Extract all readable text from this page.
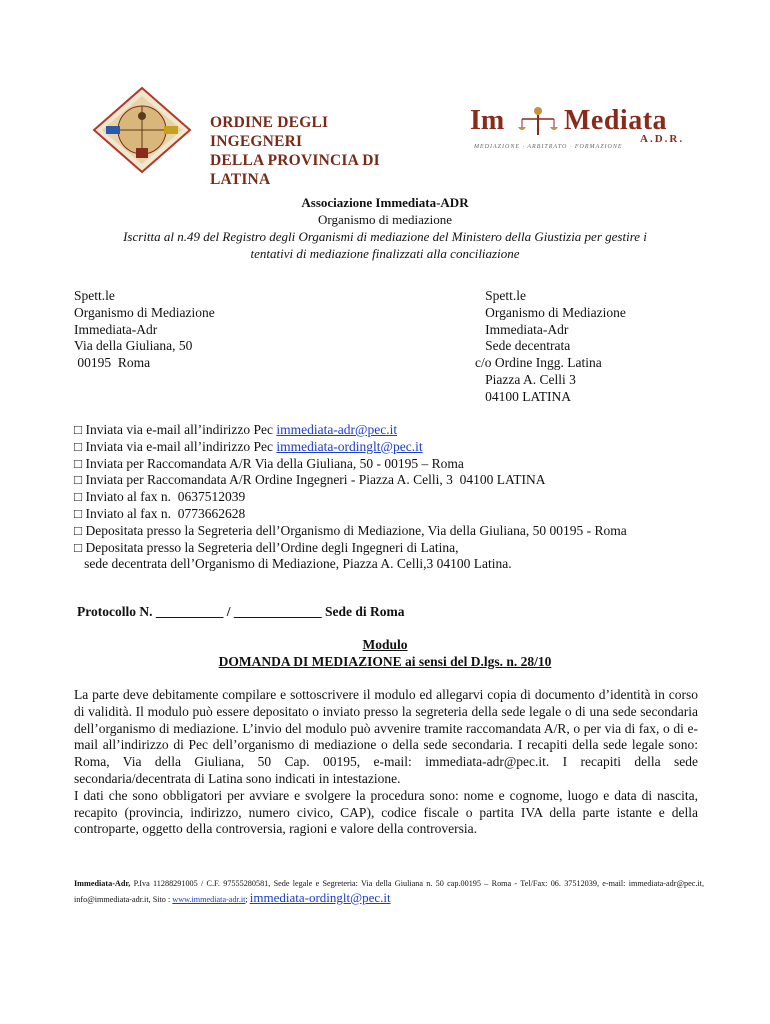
ORDINE DEGLI INGEGNERI
DELLA PROVINCIA DI LATINA
Im Mediata
A.D.R.
MEDIAZIONE · ARBITRATO · FORMAZIONE
Associazione Immediata-ADR
Organismo di mediazione
Iscritta al n.49 del Registro degli Organismi di mediazione del Ministero della Giustizia per gestire i
tentativi di mediazione finalizzati alla conciliazione
Spett.le
Organismo di Mediazione
Immediata-Adr
Via della Giuliana, 50
00195  Roma
Spett.le
Organismo di Mediazione
Immediata-Adr
Sede decentrata
c/o Ordine Ingg. Latina
Piazza A. Celli 3
04100 LATINA
□ Inviata via e-mail all’indirizzo Pec immediata-adr@pec.it
□ Inviata via e-mail all’indirizzo Pec immediata-ordinglt@pec.it
□ Inviata per Raccomandata A/R Via della Giuliana, 50 - 00195 – Roma
□ Inviata per Raccomandata A/R Ordine Ingegneri - Piazza A. Celli, 3  04100 LATINA
□ Inviato al fax n.  0637512039
□ Inviato al fax n.  0773662628
□ Depositata presso la Segreteria dell’Organismo di Mediazione, Via della Giuliana, 50 00195 - Roma
□ Depositata presso la Segreteria dell’Ordine degli Ingegneri di Latina,
sede decentrata dell’Organismo di Mediazione, Piazza A. Celli,3 04100 Latina.
Protocollo N. __________ / _____________ Sede di Roma
Modulo
DOMANDA DI MEDIAZIONE ai sensi del D.lgs. n. 28/10

La parte deve debitamente compilare e sottoscrivere il modulo ed allegarvi copia di documento d’identità in corso di validità. Il modulo può essere depositato o inviato presso la segreteria della sede legale o di una sede secondaria dell’organismo di mediazione. L’invio del modulo può avvenire tramite raccomandata A/R, o per via di fax, o di e-mail all’indirizzo di Pec dell’organismo di mediazione o della sede secondaria. I recapiti della sede legale sono: Roma, Via della Giuliana, 50 Cap. 00195, e-mail: immediata-adr@pec.it. I recapiti della sede secondaria/decentrata di Latina sono indicati in intestazione.

I dati che sono obbligatori per avviare e svolgere la procedura sono: nome e cognome, luogo e data di nascita, recapito (provincia, indirizzo, numero civico, CAP), codice fiscale o partita IVA della parte istante e della controparte, oggetto della controversia, ragioni e valore della controversia.

Immediata-Adr, P.Iva 11288291005 / C.F. 97555280581, Sede legale e Segreteria: Via della Giuliana n. 50 cap.00195 – Roma - Tel/Fax: 06. 37512039, e-mail: immediata-adr@pec.it, info@immediata-adr.it, Sito : www.immediata-adr.it; immediata-ordinglt@pec.it
